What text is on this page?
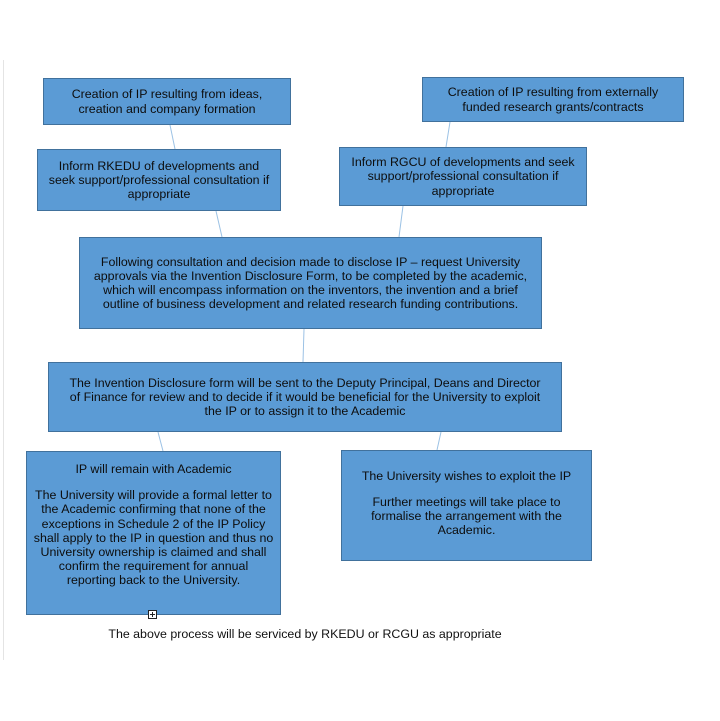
Creation of IP resulting from ideas, creation and company formation

Creation of IP resulting from externally funded research grants/contracts

Inform RKEDU of developments and seek support/professional consultation if appropriate

Inform RGCU of developments and seek support/professional consultation if appropriate

Following consultation and decision made to disclose IP – request University approvals via the Invention Disclosure Form, to be completed by the academic, which will encompass information on the inventors, the invention and a brief outline of business development and related research funding contributions.

The Invention Disclosure form will be sent to the Deputy Principal, Deans and Director of Finance for review and to decide if it would be beneficial for the University to exploit the IP or to assign it to the Academic

IP will remain with Academic

The University will provide a formal letter to the Academic confirming that none of the exceptions in Schedule 2 of the IP Policy shall apply to the IP in question and thus no University ownership is claimed and shall confirm the requirement for annual reporting back to the University.

The University wishes to exploit the IP

Further meetings will take place to formalise the arrangement with the Academic.

The above process will be serviced by RKEDU or RCGU as appropriate
